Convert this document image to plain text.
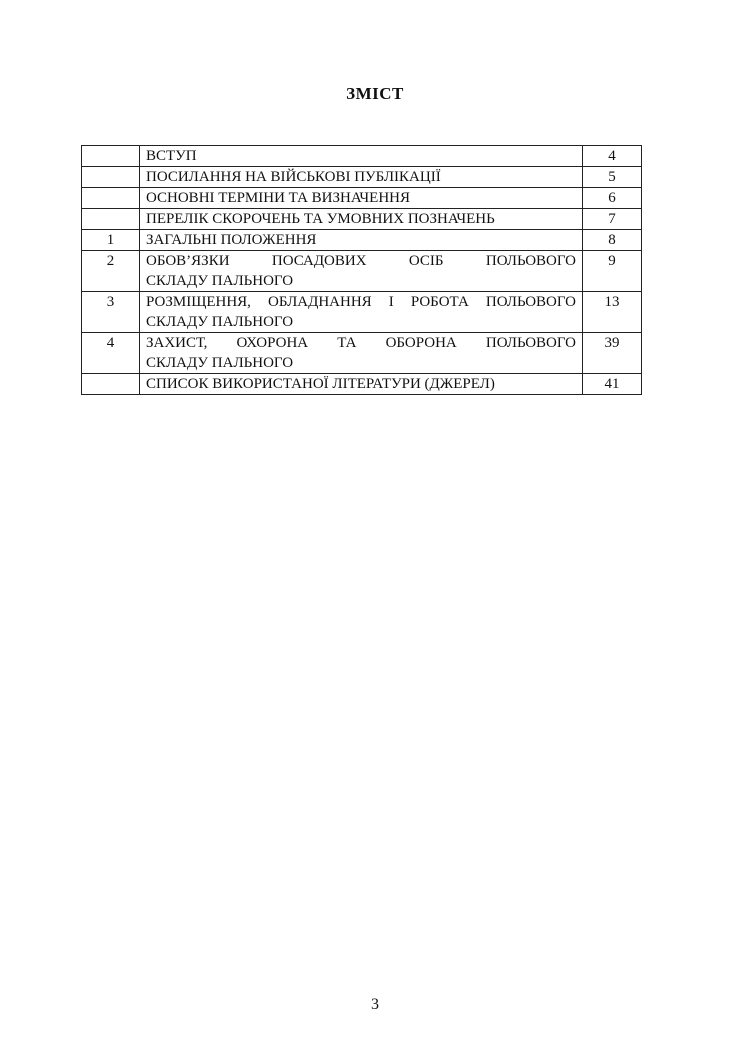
ЗМІСТ

	ВСТУП	4

	ПОСИЛАННЯ НА ВІЙСЬКОВІ ПУБЛІКАЦІЇ	5

	ОСНОВНІ ТЕРМІНИ ТА ВИЗНАЧЕННЯ	6

	ПЕРЕЛІК СКОРОЧЕНЬ ТА УМОВНИХ ПОЗНАЧЕНЬ	7
1	ЗАГАЛЬНІ ПОЛОЖЕННЯ	8
2	ОБОВ’ЯЗКИ ПОСАДОВИХ ОСІБ ПОЛЬОВОГО
СКЛАДУ ПАЛЬНОГО	9
3	РОЗМІЩЕННЯ, ОБЛАДНАННЯ І РОБОТА ПОЛЬОВОГО
СКЛАДУ ПАЛЬНОГО	13
4	ЗАХИСТ, ОХОРОНА ТА ОБОРОНА ПОЛЬОВОГО
СКЛАДУ ПАЛЬНОГО	39

	СПИСОК ВИКОРИСТАНОЇ ЛІТЕРАТУРИ (ДЖЕРЕЛ)	41
3
